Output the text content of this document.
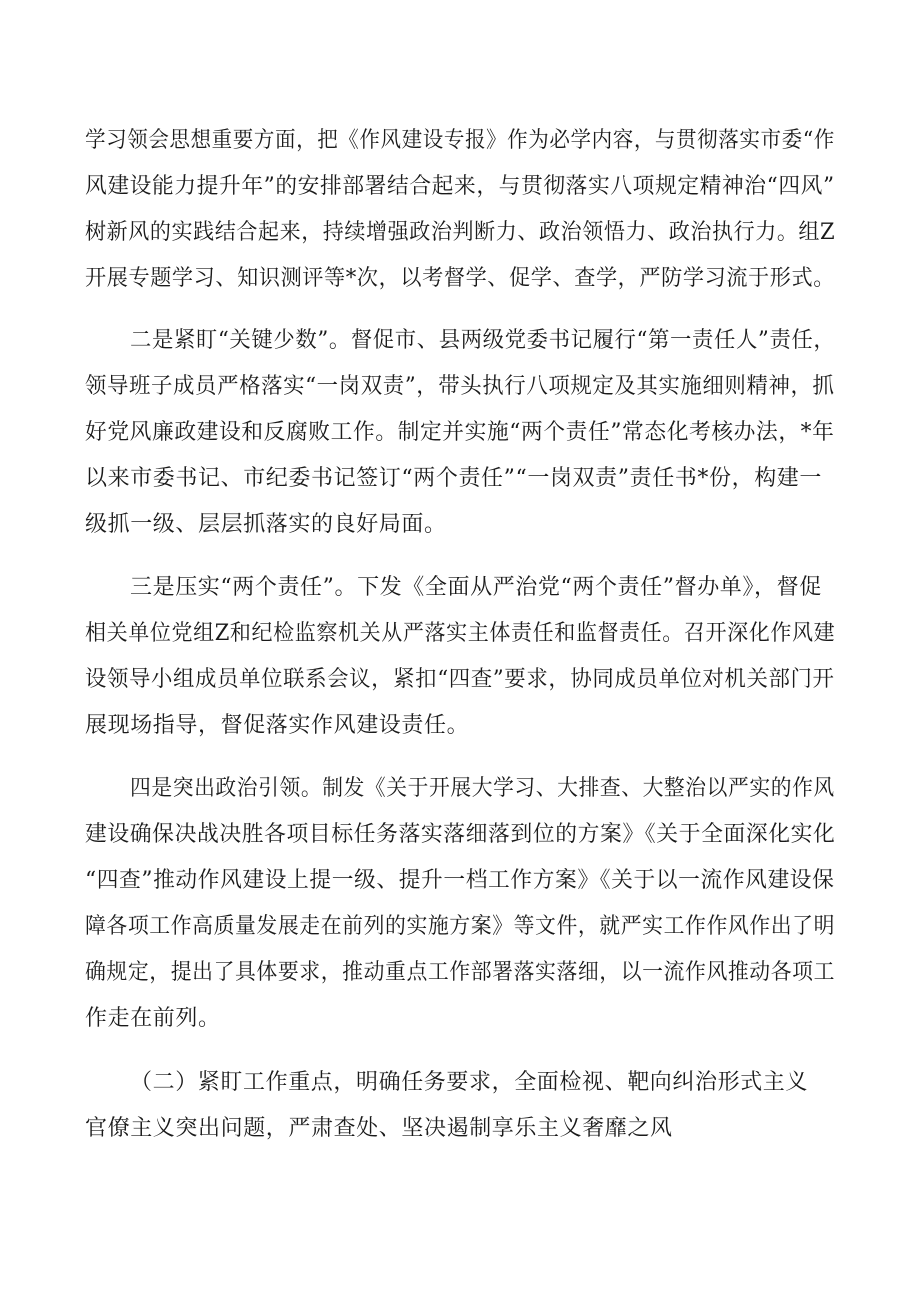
学习领会思想重要方面，把《作风建设专报》作为必学内容，与贯彻落实市委“作
风建设能力提升年”的安排部署结合起来，与贯彻落实八项规定精神治“四风”
树新风的实践结合起来，持续增强政治判断力、政治领悟力、政治执行力。组Z
开展专题学习、知识测评等*次，以考督学、促学、查学，严防学习流于形式。
二是紧盯“关键少数”。督促市、县两级党委书记履行“第一责任人”责任，
领导班子成员严格落实“一岗双责”，带头执行八项规定及其实施细则精神，抓
好党风廉政建设和反腐败工作。制定并实施“两个责任”常态化考核办法，*年
以来市委书记、市纪委书记签订“两个责任”“一岗双责”责任书*份，构建一
级抓一级、层层抓落实的良好局面。
三是压实“两个责任”。下发《全面从严治党“两个责任”督办单》，督促
相关单位党组Z和纪检监察机关从严落实主体责任和监督责任。召开深化作风建
设领导小组成员单位联系会议，紧扣“四查”要求，协同成员单位对机关部门开
展现场指导，督促落实作风建设责任。
四是突出政治引领。制发《关于开展大学习、大排查、大整治以严实的作风
建设确保决战决胜各项目标任务落实落细落到位的方案》《关于全面深化实化
“四查”推动作风建设上提一级、提升一档工作方案》《关于以一流作风建设保
障各项工作高质量发展走在前列的实施方案》等文件，就严实工作作风作出了明
确规定，提出了具体要求，推动重点工作部署落实落细，以一流作风推动各项工
作走在前列。
（二）紧盯工作重点，明确任务要求，全面检视、靶向纠治形式主义
官僚主义突出问题，严肃查处、坚决遏制享乐主义奢靡之风
